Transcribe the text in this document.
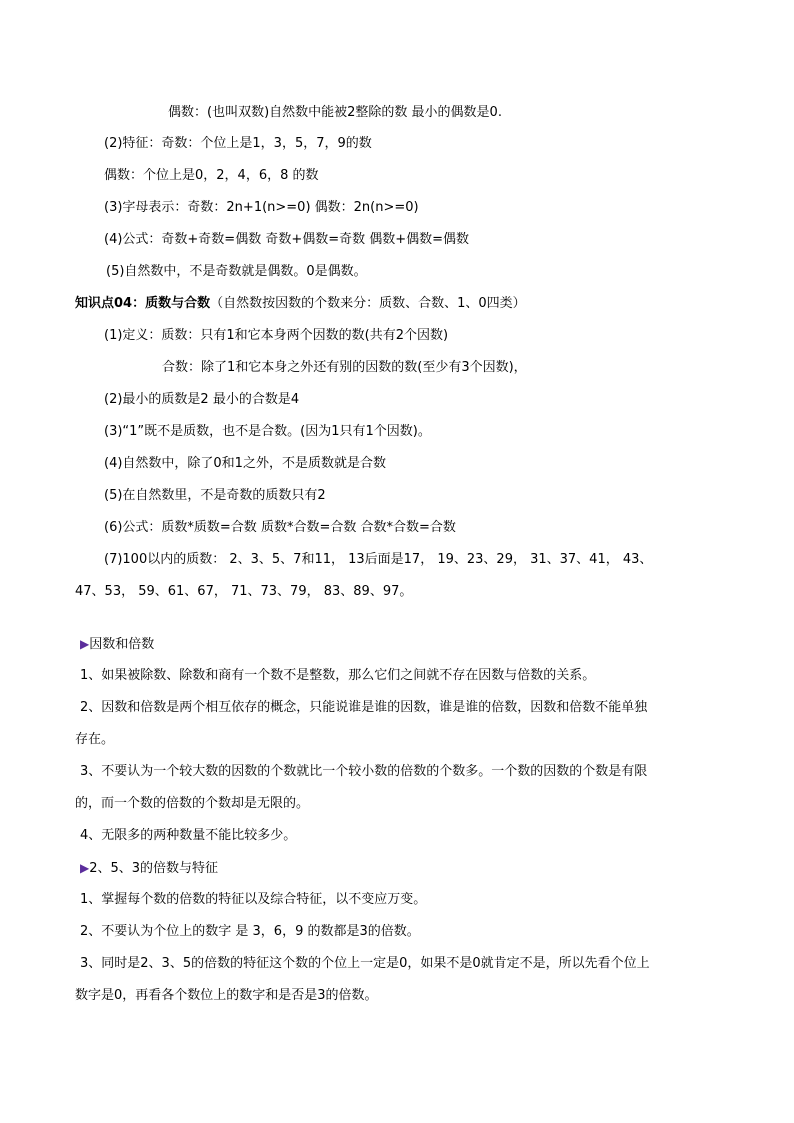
偶数：(也叫双数)自然数中能被2整除的数 最小的偶数是0.
(2)特征：奇数：个位上是1，3，5，7，9的数
偶数：个位上是0，2，4，6，8 的数
(3)字母表示：奇数：2n+1(n>=0) 偶数：2n(n>=0)
(4)公式：奇数+奇数=偶数 奇数+偶数=奇数 偶数+偶数=偶数
(5)自然数中，不是奇数就是偶数。0是偶数。
知识点04：质数与合数（自然数按因数的个数来分：质数、合数、1、0四类）
(1)定义：质数：只有1和它本身两个因数的数(共有2个因数)
合数：除了1和它本身之外还有别的因数的数(至少有3个因数)，
(2)最小的质数是2 最小的合数是4
(3)“1”既不是质数，也不是合数。(因为1只有1个因数)。
(4)自然数中，除了0和1之外，不是质数就是合数
(5)在自然数里，不是奇数的质数只有2
(6)公式：质数*质数=合数 质数*合数=合数 合数*合数=合数
(7)100以内的质数： 2、3、5、7和11， 13后面是17， 19、23、29， 31、37、41， 43、
47、53， 59、61、67， 71、73、79， 83、89、97。
▶因数和倍数
1、如果被除数、除数和商有一个数不是整数，那么它们之间就不存在因数与倍数的关系。
2、因数和倍数是两个相互依存的概念，只能说谁是谁的因数，谁是谁的倍数，因数和倍数不能单独
存在。
3、不要认为一个较大数的因数的个数就比一个较小数的倍数的个数多。一个数的因数的个数是有限
的，而一个数的倍数的个数却是无限的。
4、无限多的两种数量不能比较多少。
▶2、5、3的倍数与特征
1、掌握每个数的倍数的特征以及综合特征，以不变应万变。
2、不要认为个位上的数字 是 3，6，9 的数都是3的倍数。
3、同时是2、3、5的倍数的特征这个数的个位上一定是0，如果不是0就肯定不是，所以先看个位上
数字是0，再看各个数位上的数字和是否是3的倍数。
